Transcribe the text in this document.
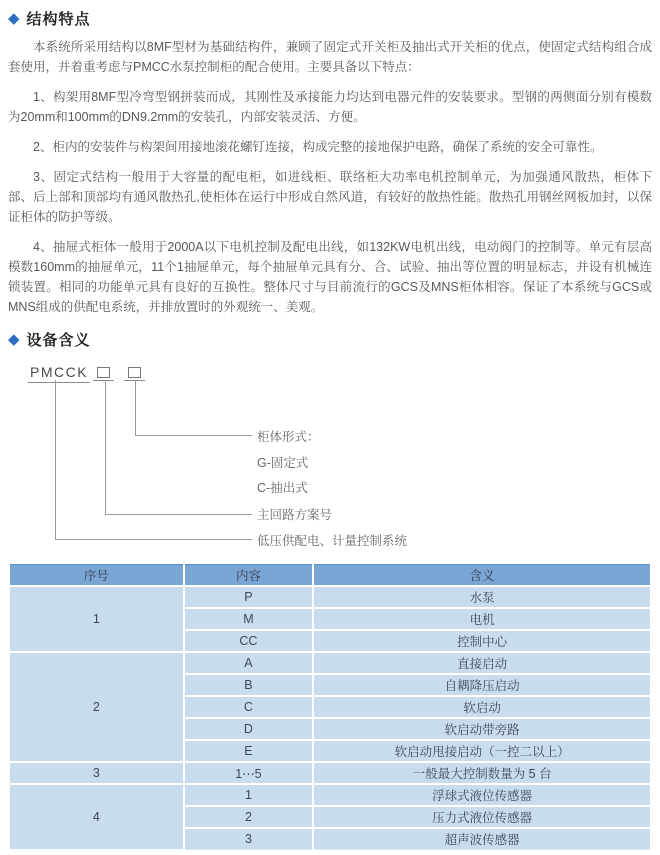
◆ 结构特点

本系统所采用结构以8MF型材为基础结构件，兼顾了固定式开关柜及抽出式开关柜的优点，使固定式结构组合成套使用，并着重考虑与PMCC水泵控制柜的配合使用。主要具备以下特点：

1、构架用8MF型冷弯型钢拼装而成，其刚性及承接能力均达到电器元件的安装要求。型钢的两侧面分别有模数为20mm和100mm的DN9.2mm的安装孔，内部安装灵活、方便。

2、柜内的安装件与构架间用接地滚花螺钉连接，构成完整的接地保护电路，确保了系统的安全可靠性。

3、固定式结构一般用于大容量的配电柜，如进线柜、联络柜大功率电机控制单元，为加强通风散热，柜体下部、后上部和顶部均有通风散热孔,使柜体在运行中形成自然风道，有较好的散热性能。散热孔用钢丝网板加封，以保证柜体的防护等级。

4、抽屉式柜体一般用于2000A以下电机控制及配电出线，如132KW电机出线，电动阀门的控制等。单元有层高模数160mm的抽屉单元，11个1抽屉单元，每个抽屉单元具有分、合、试验、抽出等位置的明显标志，并设有机械连锁装置。相同的功能单元具有良好的互换性。整体尺寸与目前流行的GCS及MNS柜体相容。保证了本系统与GCS或MNS组成的供配电系统，并排放置时的外观统一、美观。

◆ 设备含义
PMCCK
柜体形式：
G-固定式
C-抽出式
主回路方案号
低压供配电、计量控制系统
序号	内容	含义
1	P	水泵
	M	电机
	CC	控制中心
2	A	直接启动
	B	自耦降压启动
	C	软启动
	D	软启动带旁路
	E	软启动甩接启动（一控二以上）
3	1⋯5	一般最大控制数量为 5 台
4	1	浮球式液位传感器
	2	压力式液位传感器
	3	超声波传感器
